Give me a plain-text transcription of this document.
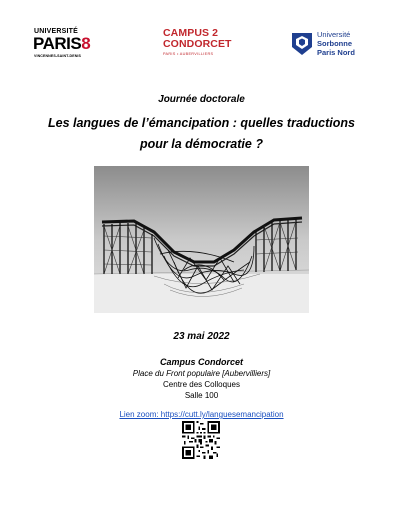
UNIVERSITÉ
PARIS8
VINCENNES-SAINT-DENIS
CAMPUS 2
CONDORCET
PARIS • AUBERVILLIERS
Université
Sorbonne
Paris Nord
Journée doctorale
Les langues de l’émancipation : quelles traductions
pour la démocratie ?
23 mai 2022
Campus Condorcet
Place du Front populaire [Aubervilliers]
Centre des Colloques
Salle 100
Lien zoom: https://cutt.ly/languesemancipation
